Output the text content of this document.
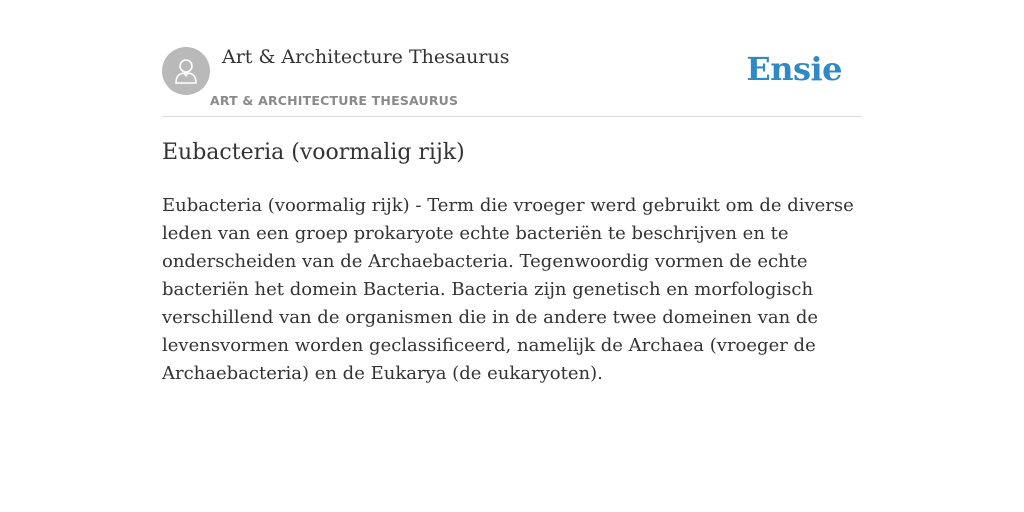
Art & Architecture Thesaurus
ART & ARCHITECTURE THESAURUS
Ensie
Eubacteria (voormalig rijk)

Eubacteria (voormalig rijk) - Term die vroeger werd gebruikt om de diverse leden van een groep prokaryote echte bacteriën te beschrijven en te onderscheiden van de Archaebacteria. Tegenwoordig vormen de echte bacteriën het domein Bacteria. Bacteria zijn genetisch en morfologisch verschillend van de organismen die in de andere twee domeinen van de levensvormen worden geclassificeerd, namelijk de Archaea (vroeger de Archaebacteria) en de Eukarya (de eukaryoten).
